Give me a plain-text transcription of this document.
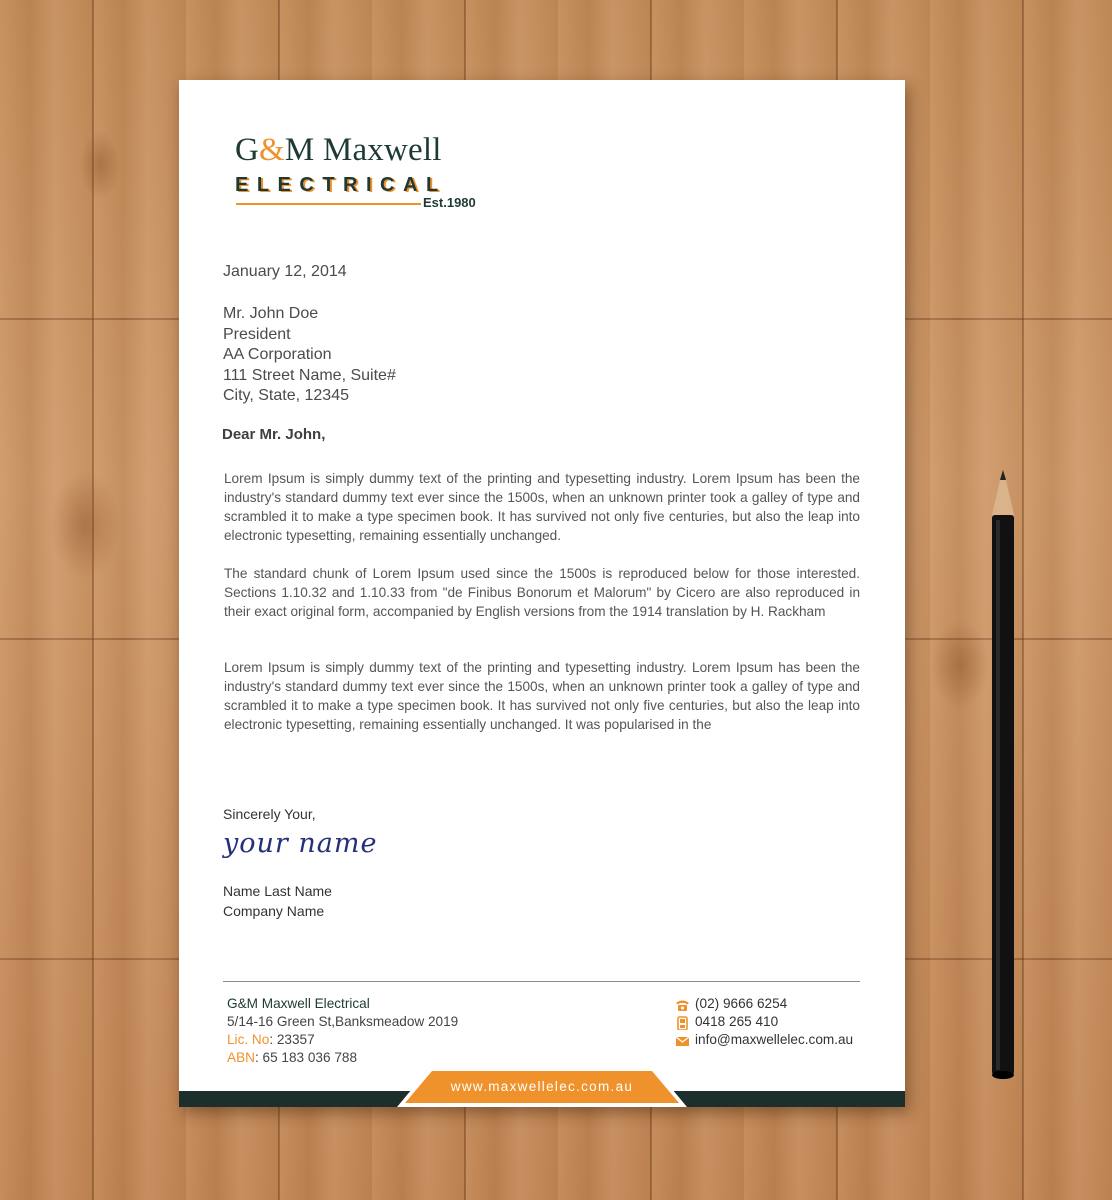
G&M Maxwell
ELECTRICAL
Est.1980
January 12, 2014
Mr. John Doe
President
AA Corporation
111 Street Name, Suite#
City, State, 12345
Dear Mr. John,
Lorem Ipsum is simply dummy text of the printing and typesetting industry. Lorem Ipsum has been the industry's standard dummy text ever since the 1500s, when an unknown printer took a galley of type and scrambled it to make a type specimen book. It has survived not only five centuries, but also the leap into electronic typesetting, remaining essentially unchanged.
The standard chunk of Lorem Ipsum used since the 1500s is reproduced below for those interested. Sections 1.10.32 and 1.10.33 from "de Finibus Bonorum et Malorum" by Cicero are also reproduced in their exact original form, accompanied by English versions from the 1914 translation by H. Rackham
Lorem Ipsum is simply dummy text of the printing and typesetting industry. Lorem Ipsum has been the industry's standard dummy text ever since the 1500s, when an unknown printer took a galley of type and scrambled it to make a type specimen book. It has survived not only five centuries, but also the leap into electronic typesetting, remaining essentially unchanged. It was popularised in the
Sincerely Your,
your name
Name Last Name
Company Name
G&M Maxwell Electrical
5/14-16 Green St,Banksmeadow 2019
Lic. No: 23357
ABN: 65 183 036 788
(02) 9666 6254
0418 265 410
info@maxwellelec.com.au
www.maxwellelec.com.au
